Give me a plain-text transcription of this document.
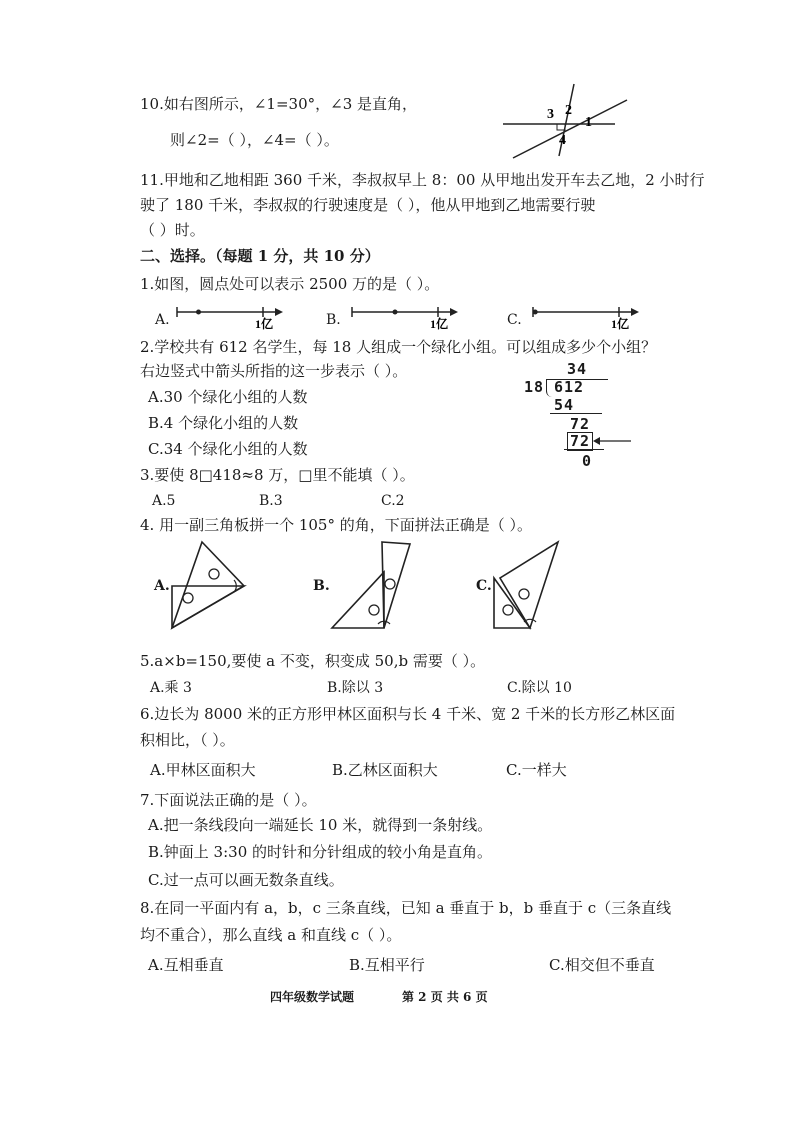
10.如右图所示，∠1=30°，∠3 是直角，
则∠2=（ ），∠4=（ ）。
3 2
1
4
11.甲地和乙地相距 360 千米，李叔叔早上 8：00 从甲地出发开车去乙地，2 小时行
驶了 180 千米，李叔叔的行驶速度是（ ），他从甲地到乙地需要行驶
（ ）时。
二、选择。（每题 1 分，共 10 分）
1.如图，圆点处可以表示 2500 万的是（ ）。
A.	B.	C.
1亿	1亿	1亿
2.学校共有 612 名学生，每 18 人组成一个绿化小组。可以组成多少个小组？
右边竖式中箭头所指的这一步表示（ ）。
A.30 个绿化小组的人数
B.4 个绿化小组的人数
C.34 个绿化小组的人数
34
18 612
54
72
72
0
3.要使 8□418≈8 万，□里不能填（ ）。
A.5	B.3	C.2
4. 用一副三角板拼一个 105° 的角，下面拼法正确是（ ）。
A.	B.	C.
5.a×b=150,要使 a 不变，积变成 50,b 需要（ ）。
A.乘 3	B.除以 3	C.除以 10
6.边长为 8000 米的正方形甲林区面积与长 4 千米、宽 2 千米的长方形乙林区面
积相比，（ ）。
A.甲林区面积大	B.乙林区面积大	C.一样大
7.下面说法正确的是（ ）。
A.把一条线段向一端延长 10 米，就得到一条射线。
B.钟面上 3:30 的时针和分针组成的较小角是直角。
C.过一点可以画无数条直线。
8.在同一平面内有 a，b，c 三条直线，已知 a 垂直于 b，b 垂直于 c（三条直线
均不重合），那么直线 a 和直线 c（ ）。
A.互相垂直	B.互相平行	C.相交但不垂直
四年级数学试题	第 2 页 共 6 页
